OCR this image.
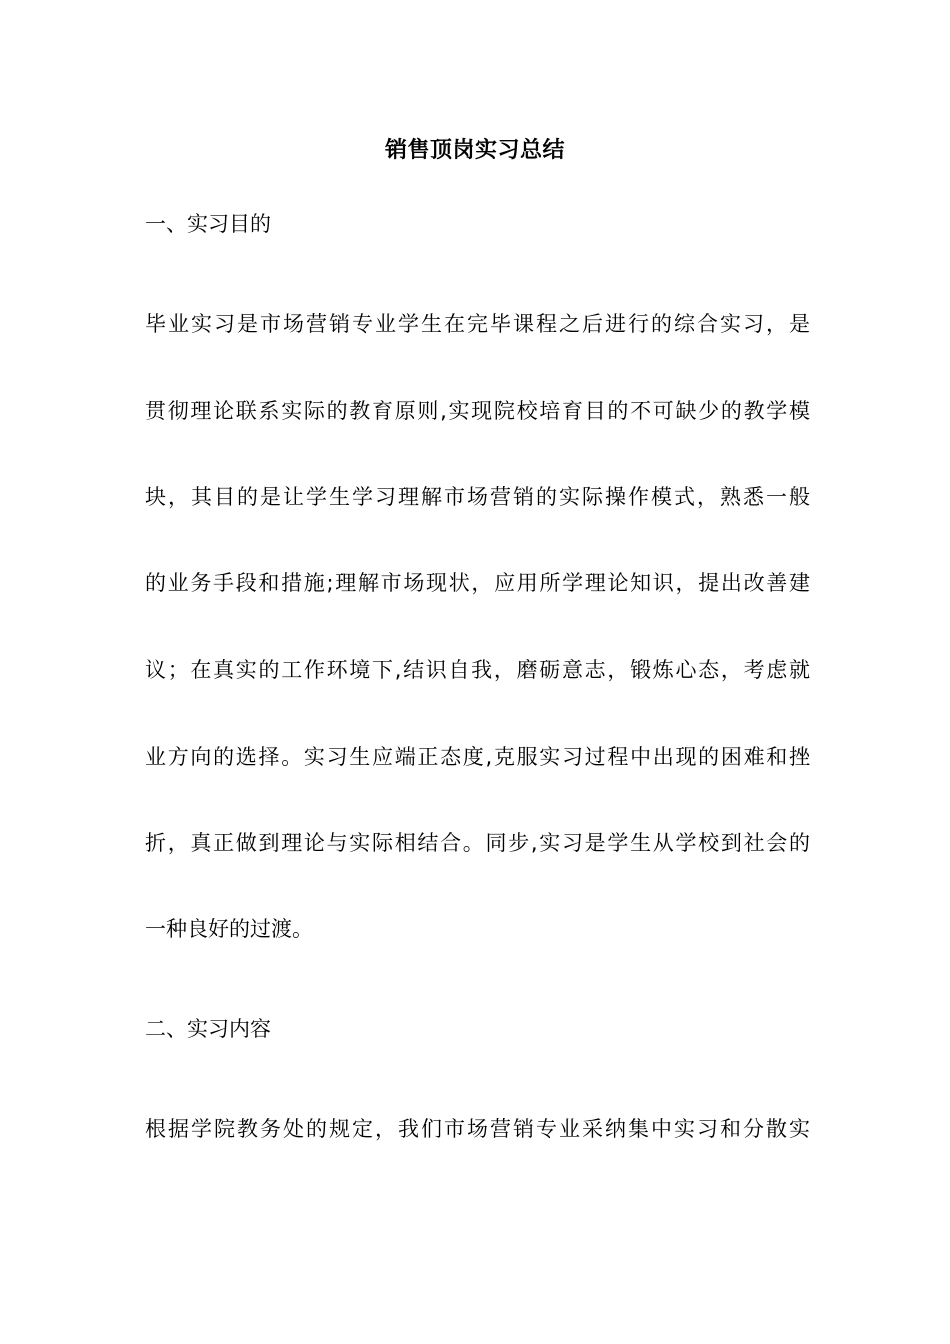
销售顶岗实习总结
一、实习目的
毕业实习是市场营销专业学生在完毕课程之后进行的综合实习，是
贯彻理论联系实际的教育原则,实现院校培育目的不可缺少的教学模
块，其目的是让学生学习理解市场营销的实际操作模式，熟悉一般
的业务手段和措施;理解市场现状，应用所学理论知识，提出改善建
议；在真实的工作环境下,结识自我，磨砺意志，锻炼心态，考虑就
业方向的选择。实习生应端正态度,克服实习过程中出现的困难和挫
折，真正做到理论与实际相结合。同步,实习是学生从学校到社会的
一种良好的过渡。
二、实习内容
根据学院教务处的规定，我们市场营销专业采纳集中实习和分散实
